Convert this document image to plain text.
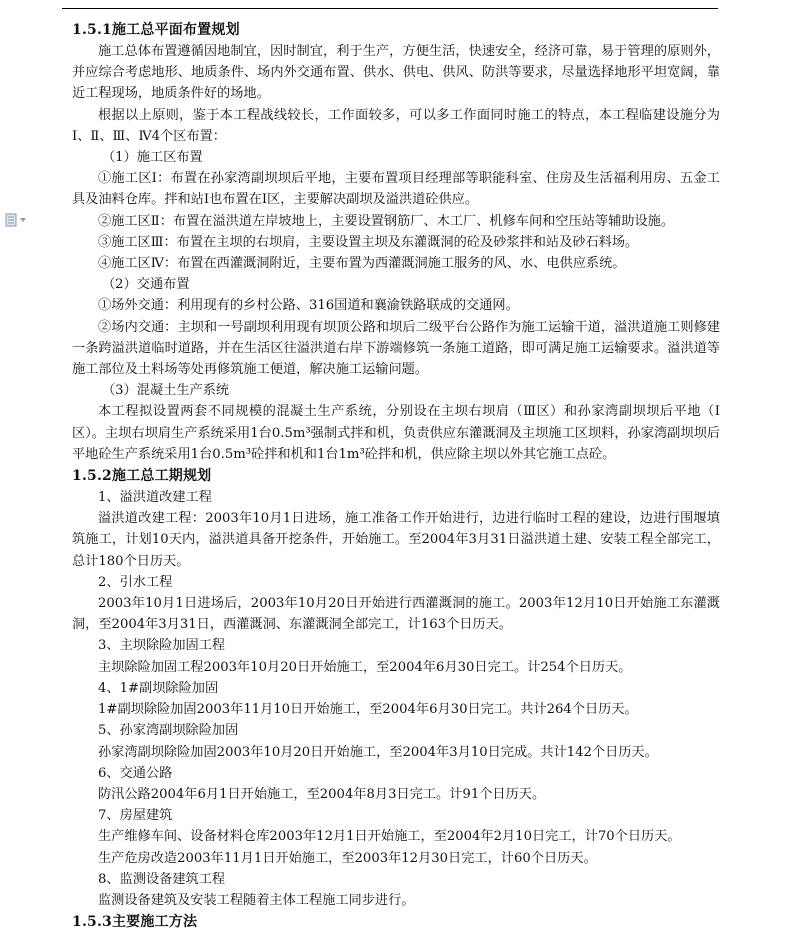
1.5.1施工总平面布置规划

施工总体布置遵循因地制宜，因时制宜，利于生产，方便生活，快速安全，经济可靠，易于管理的原则外，并应综合考虑地形、地质条件、场内外交通布置、供水、供电、供风、防洪等要求，尽量选择地形平坦宽阔，靠近工程现场，地质条件好的场地。

根据以上原则，鉴于本工程战线较长，工作面较多，可以多工作面同时施工的特点，本工程临建设施分为Ⅰ、Ⅱ、Ⅲ、Ⅳ4个区布置：

（1）施工区布置

①施工区Ⅰ：布置在孙家湾副坝坝后平地，主要布置项目经理部等职能科室、住房及生活福利用房、五金工具及油料仓库。拌和站Ⅰ也布置在Ⅰ区，主要解决副坝及溢洪道砼供应。

②施工区Ⅱ：布置在溢洪道左岸坡地上，主要设置钢筋厂、木工厂、机修车间和空压站等辅助设施。

③施工区Ⅲ：布置在主坝的右坝肩，主要设置主坝及东灌溉洞的砼及砂浆拌和站及砂石料场。

④施工区Ⅳ：布置在西灌溉洞附近，主要布置为西灌溉洞施工服务的风、水、电供应系统。

（2）交通布置

①场外交通：利用现有的乡村公路、316国道和襄渝铁路联成的交通网。

②场内交通：主坝和一号副坝利用现有坝顶公路和坝后二级平台公路作为施工运输干道，溢洪道施工则修建一条跨溢洪道临时道路，并在生活区往溢洪道右岸下游端修筑一条施工道路，即可满足施工运输要求。溢洪道等施工部位及土料场等处再修筑施工便道，解决施工运输问题。

（3）混凝土生产系统

本工程拟设置两套不同规模的混凝土生产系统，分别设在主坝右坝肩（Ⅲ区）和孙家湾副坝坝后平地（Ⅰ区）。主坝右坝肩生产系统采用1台0.5m³强制式拌和机，负责供应东灌溉洞及主坝施工区坝料，孙家湾副坝坝后平地砼生产系统采用1台0.5m³砼拌和机和1台1m³砼拌和机，供应除主坝以外其它施工点砼。

1.5.2施工总工期规划

1、溢洪道改建工程

溢洪道改建工程：2003年10月1日进场，施工准备工作开始进行，边进行临时工程的建设，边进行围堰填筑施工，计划10天内，溢洪道具备开挖条件，开始施工。至2004年3月31日溢洪道土建、安装工程全部完工，总计180个日历天。

2、引水工程

2003年10月1日进场后，2003年10月20日开始进行西灌溉洞的施工。2003年12月10日开始施工东灌溉洞，至2004年3月31日，西灌溉洞、东灌溉洞全部完工，计163个日历天。

3、主坝除险加固工程

主坝除险加固工程2003年10月20日开始施工，至2004年6月30日完工。计254个日历天。

4、1#副坝除险加固

1#副坝除险加固2003年11月10日开始施工，至2004年6月30日完工。共计264个日历天。

5、孙家湾副坝除险加固

孙家湾副坝除险加固2003年10月20日开始施工，至2004年3月10日完成。共计142个日历天。

6、交通公路

防汛公路2004年6月1日开始施工，至2004年8月3日完工。计91个日历天。

7、房屋建筑

生产维修车间、设备材料仓库2003年12月1日开始施工，至2004年2月10日完工，计70个日历天。

生产危房改造2003年11月1日开始施工，至2003年12月30日完工，计60个日历天。

8、监测设备建筑工程

监测设备建筑及安装工程随着主体工程施工同步进行。

1.5.3主要施工方法
